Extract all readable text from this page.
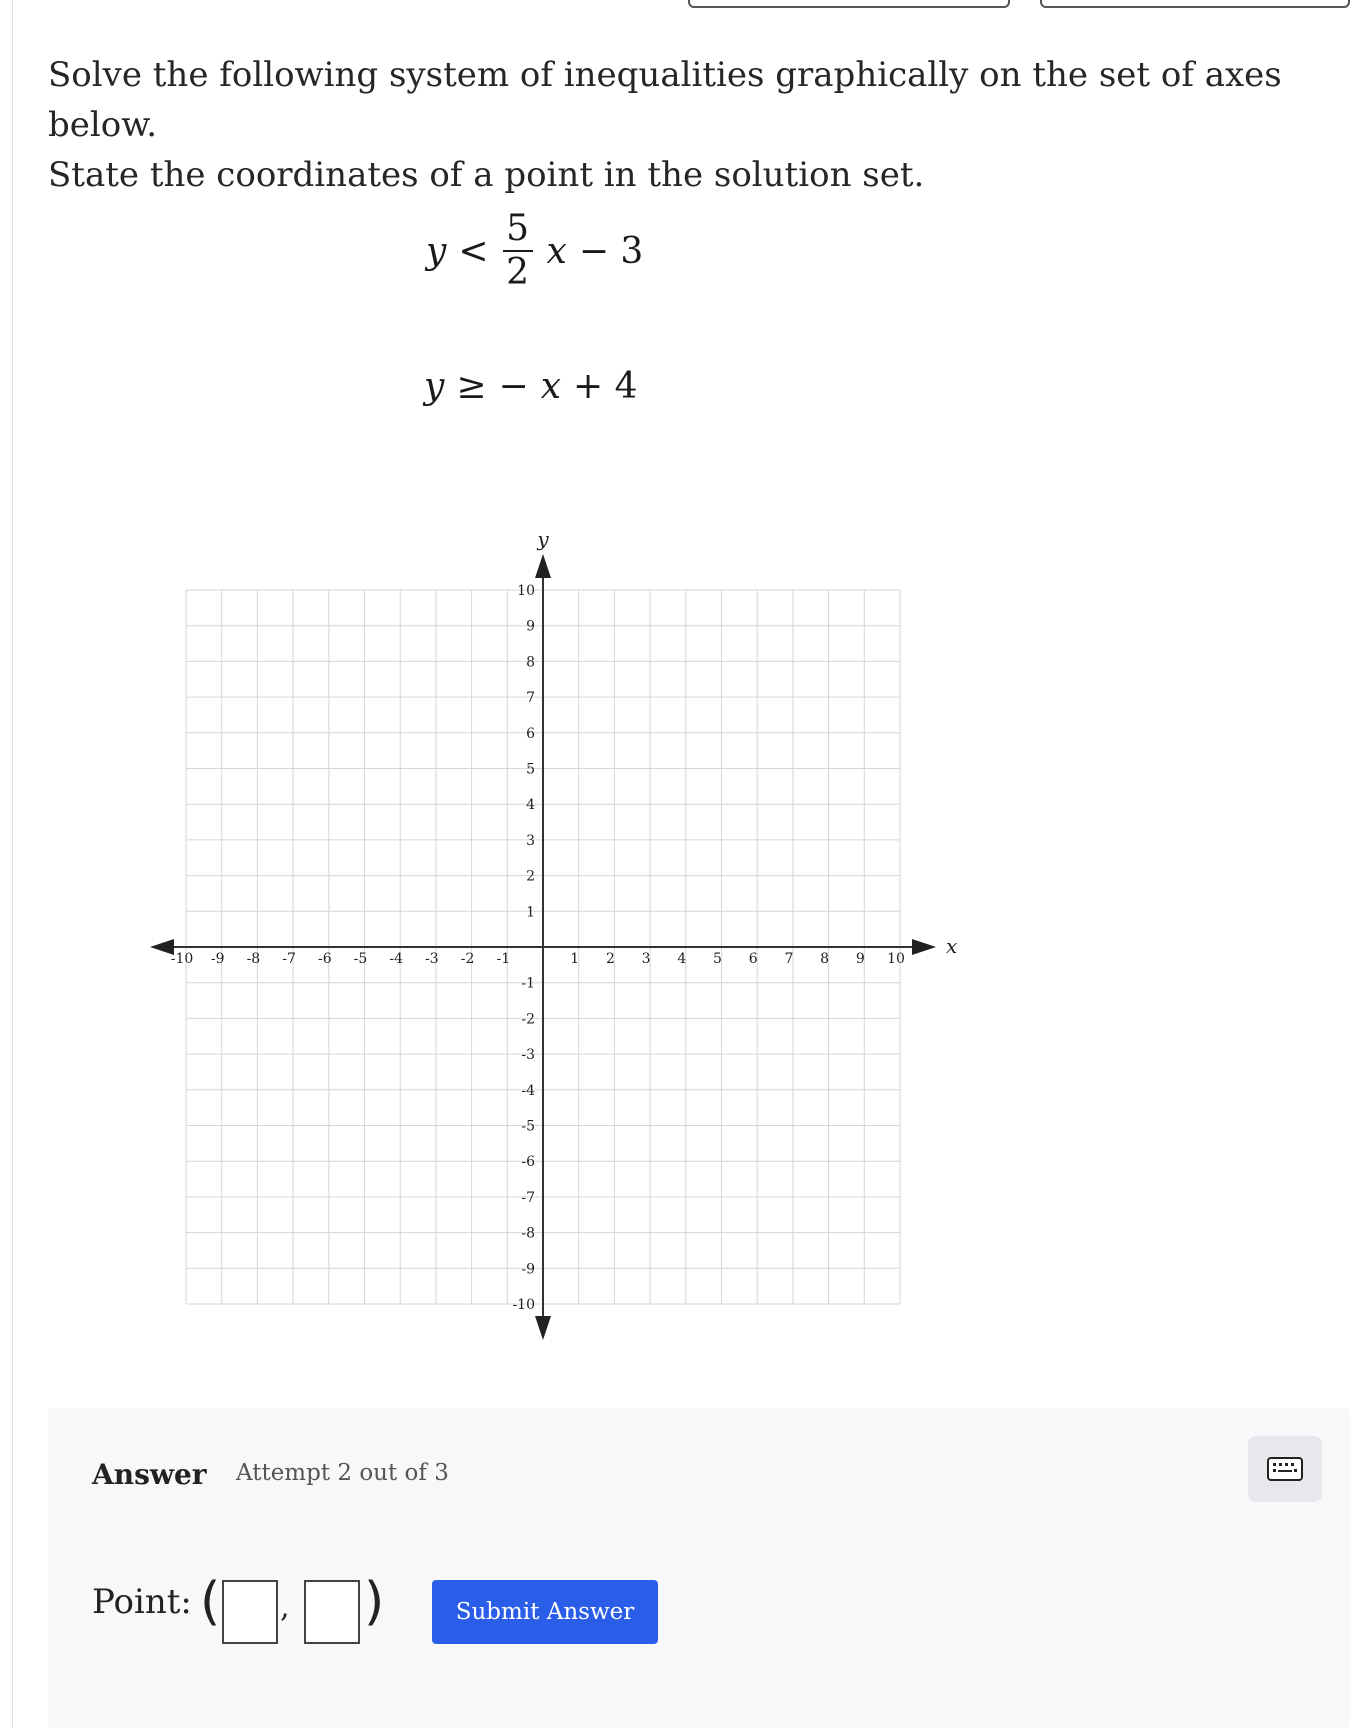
Solve the following system of inequalities graphically on the set of axes below.
State the coordinates of a point in the solution set.
$y < \frac{5}{2}$ x − 3
y ≥ − x + 4
-10 -9 -8 -7 -6 -5 -4 -3 -2 -1	1 2 3 4 5 6 7 8 9 10
10
9
8
7
6
5
4
3
2
1
-1
-2
-3
-4
-5
-6
-7
-8
-9
-10
x
y
Answer Attempt 2 out of 3
Point: ( , )	Submit Answer
